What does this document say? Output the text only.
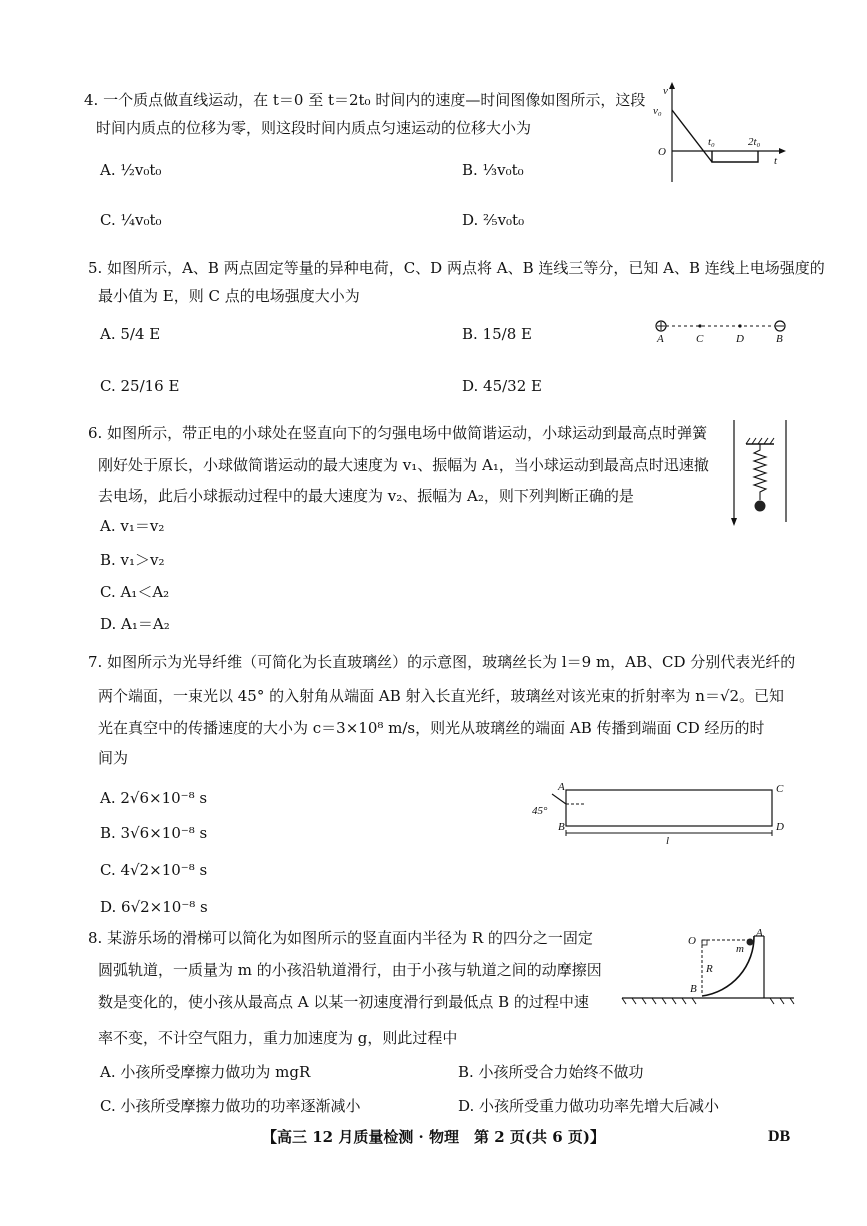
4. 一个质点做直线运动，在 t＝0 至 t＝2t₀ 时间内的速度—时间图像如图所示，这段
时间内质点的位移为零，则这段时间内质点匀速运动的位移大小为
A. ½v₀t₀	B. ⅓v₀t₀
C. ¼v₀t₀	D. ⅖v₀t₀
v
v₀
O
t₀	2t₀
t
5. 如图所示，A、B 两点固定等量的异种电荷，C、D 两点将 A、B 连线三等分，已知 A、B 连线上电场强度的
最小值为 E，则 C 点的电场强度大小为
A. 5/4 E	B. 15/8 E
C. 25/16 E	D. 45/32 E
A	C	D	B
6. 如图所示，带正电的小球处在竖直向下的匀强电场中做简谐运动，小球运动到最高点时弹簧
刚好处于原长，小球做简谐运动的最大速度为 v₁、振幅为 A₁，当小球运动到最高点时迅速撤
去电场，此后小球振动过程中的最大速度为 v₂、振幅为 A₂，则下列判断正确的是
A. v₁＝v₂
B. v₁＞v₂
C. A₁＜A₂
D. A₁＝A₂
7. 如图所示为光导纤维（可简化为长直玻璃丝）的示意图，玻璃丝长为 l＝9 m，AB、CD 分别代表光纤的
两个端面，一束光以 45° 的入射角从端面 AB 射入长直光纤，玻璃丝对该光束的折射率为 n＝√2。已知
光在真空中的传播速度的大小为 c＝3×10⁸ m/s，则光从玻璃丝的端面 AB 传播到端面 CD 经历的时
间为
A. 2√6×10⁻⁸ s
B. 3√6×10⁻⁸ s
C. 4√2×10⁻⁸ s
D. 6√2×10⁻⁸ s
A
B
C
D
45°
l
8. 某游乐场的滑梯可以简化为如图所示的竖直面内半径为 R 的四分之一固定
圆弧轨道，一质量为 m 的小孩沿轨道滑行，由于小孩与轨道之间的动摩擦因
数是变化的，使小孩从最高点 A 以某一初速度滑行到最低点 B 的过程中速
率不变，不计空气阻力，重力加速度为 g，则此过程中
A. 小孩所受摩擦力做功为 mgR	B. 小孩所受合力始终不做功
C. 小孩所受摩擦力做功的功率逐渐减小	D. 小孩所受重力做功功率先增大后减小
O
A
m
R
B
【高三 12 月质量检测 · 物理　第 2 页(共 6 页)】	DB
